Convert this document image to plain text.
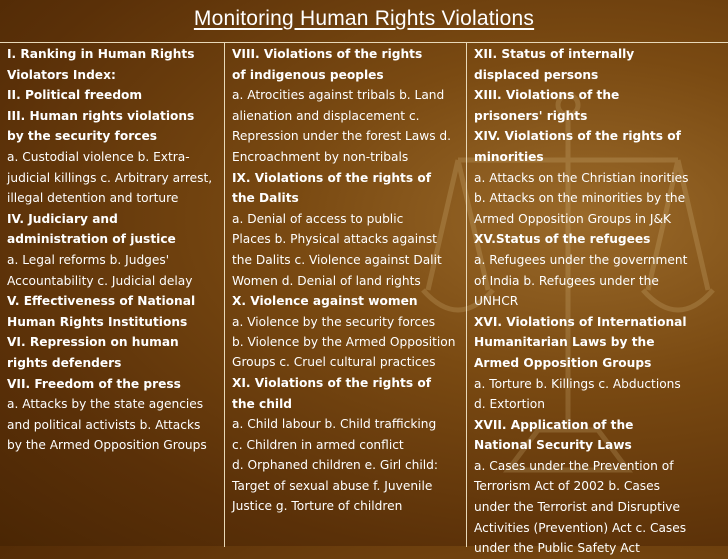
Monitoring Human Rights Violations
I. Ranking in Human Rights
Violators Index:
II. Political freedom
III. Human rights violations
by the security forces
a. Custodial violence b. Extra-
judicial killings c. Arbitrary arrest,
illegal detention and torture
IV. Judiciary and
administration of justice
a. Legal reforms b. Judges'
Accountability c. Judicial delay
V. Effectiveness of National
Human Rights Institutions
VI. Repression on human
rights defenders
VII. Freedom of the press
a. Attacks by the state agencies
and political activists b. Attacks
by the Armed Opposition Groups
VIII. Violations of the rights
of indigenous peoples
a. Atrocities against tribals b. Land
alienation and displacement c.
Repression under the forest Laws d.
Encroachment by non-tribals
IX. Violations of the rights of
the Dalits
a. Denial of access to public
Places b. Physical attacks against
the Dalits c. Violence against Dalit
Women d. Denial of land rights
X. Violence against women
a. Violence by the security forces
b. Violence by the Armed Opposition
Groups c. Cruel cultural practices
XI. Violations of the rights of
the child
a. Child labour b. Child trafficking
c. Children in armed conflict
d. Orphaned children e. Girl child:
Target of sexual abuse f. Juvenile
Justice g. Torture of children
XII. Status of internally
displaced persons
XIII. Violations of the
prisoners' rights
XIV. Violations of the rights of
minorities
a. Attacks on the Christian inorities
b. Attacks on the minorities by the
Armed Opposition Groups in J&K
XV.Status of the refugees
a. Refugees under the government
of India b. Refugees under the
UNHCR
XVI. Violations of International
Humanitarian Laws by the
Armed Opposition Groups
a. Torture b. Killings c. Abductions
d. Extortion
XVII. Application of the
National Security Laws
a. Cases under the Prevention of
Terrorism Act of 2002 b. Cases
under the Terrorist and Disruptive
Activities (Prevention) Act c. Cases
under the Public Safety Act
